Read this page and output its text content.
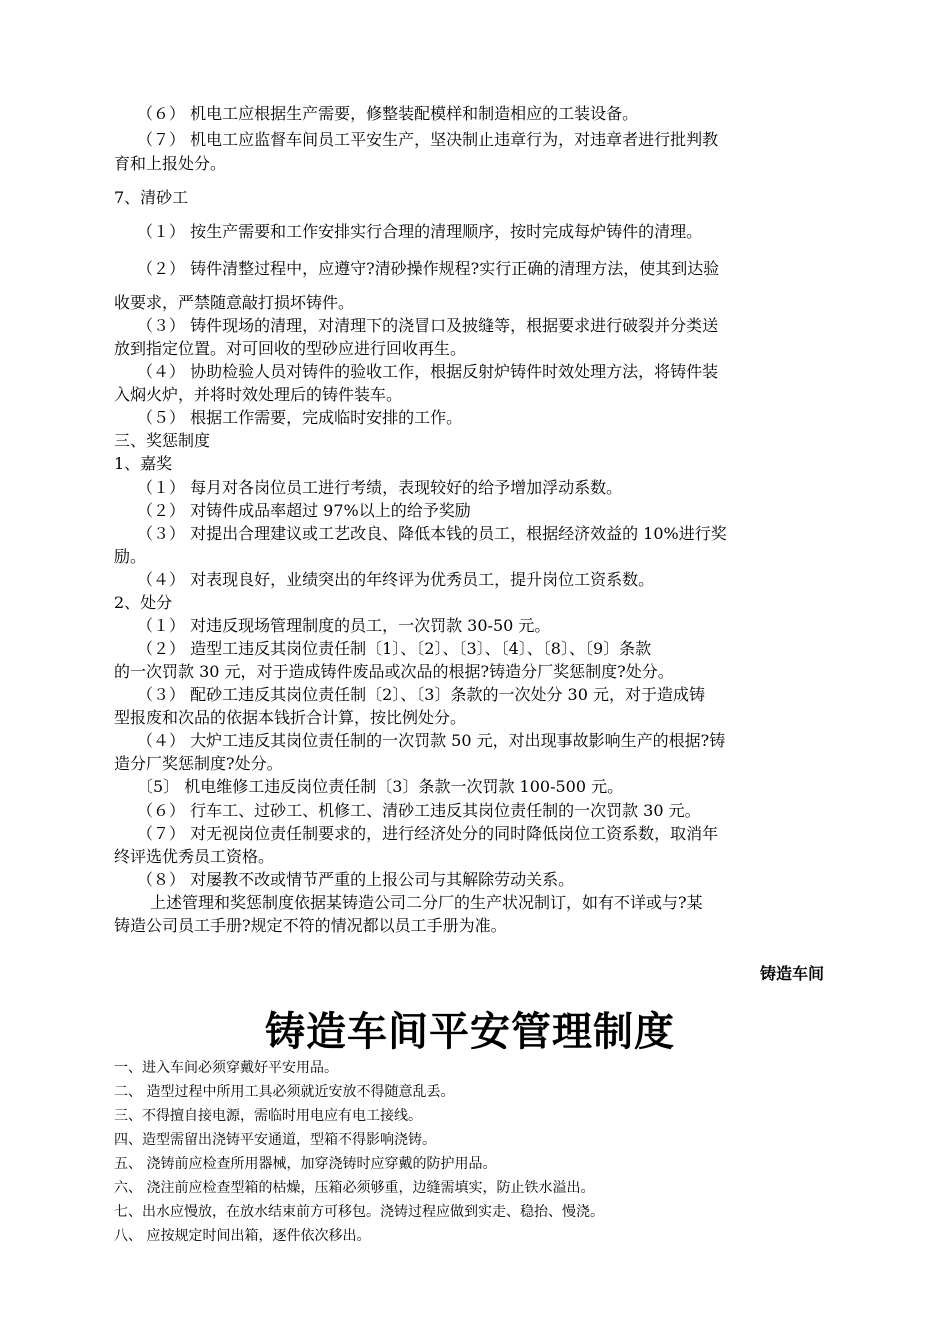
（６） 机电工应根据生产需要，修整装配模样和制造相应的工装设备。
（７） 机电工应监督车间员工平安生产，坚决制止违章行为，对违章者进行批判教
育和上报处分。
7、清砂工
（１） 按生产需要和工作安排实行合理的清理顺序，按时完成每炉铸件的清理。
（２） 铸件清整过程中，应遵守?清砂操作规程?实行正确的清理方法，使其到达验
收要求，严禁随意敲打损坏铸件。
（３） 铸件现场的清理，对清理下的浇冒口及披缝等，根据要求进行破裂并分类送
放到指定位置。对可回收的型砂应进行回收再生。
（４） 协助检验人员对铸件的验收工作，根据反射炉铸件时效处理方法，将铸件装
入焖火炉，并将时效处理后的铸件装车。
（５） 根据工作需要，完成临时安排的工作。
三、奖惩制度
1、嘉奖
（１） 每月对各岗位员工进行考绩，表现较好的给予增加浮动系数。
（２） 对铸件成品率超过 97%以上的给予奖励
（３） 对提出合理建议或工艺改良、降低本钱的员工，根据经济效益的 10%进行奖
励。
（４） 对表现良好，业绩突出的年终评为优秀员工，提升岗位工资系数。
2、处分
（１） 对违反现场管理制度的员工，一次罚款 30-50 元。
（２） 造型工违反其岗位责任制〔1〕、〔2〕、〔3〕、〔4〕、〔8〕、〔9〕条款
的一次罚款 30 元，对于造成铸件废品或次品的根据?铸造分厂奖惩制度?处分。
（３） 配砂工违反其岗位责任制〔2〕、〔3〕条款的一次处分 30 元，对于造成铸
型报废和次品的依据本钱折合计算，按比例处分。
（４） 大炉工违反其岗位责任制的一次罚款 50 元，对出现事故影响生产的根据?铸
造分厂奖惩制度?处分。
〔5〕 机电维修工违反岗位责任制〔3〕条款一次罚款 100-500 元。
（６） 行车工、过砂工、机修工、清砂工违反其岗位责任制的一次罚款 30 元。
（７） 对无视岗位责任制要求的，进行经济处分的同时降低岗位工资系数，取消年
终评选优秀员工资格。
（８） 对屡教不改或情节严重的上报公司与其解除劳动关系。
上述管理和奖惩制度依据某铸造公司二分厂的生产状况制订，如有不详或与?某
铸造公司员工手册?规定不符的情况都以员工手册为准。
铸造车间
铸造车间平安管理制度
一、进入车间必须穿戴好平安用品。
二、 造型过程中所用工具必须就近安放不得随意乱丢。
三、不得擅自接电源，需临时用电应有电工接线。
四、造型需留出浇铸平安通道，型箱不得影响浇铸。
五、 浇铸前应检查所用器械，加穿浇铸时应穿戴的防护用品。
六、 浇注前应检查型箱的枯燥，压箱必须够重，边缝需填实，防止铁水溢出。
七、出水应慢放，在放水结束前方可移包。浇铸过程应做到实走、稳抬、慢浇。
八、 应按规定时间出箱，逐件依次移出。
